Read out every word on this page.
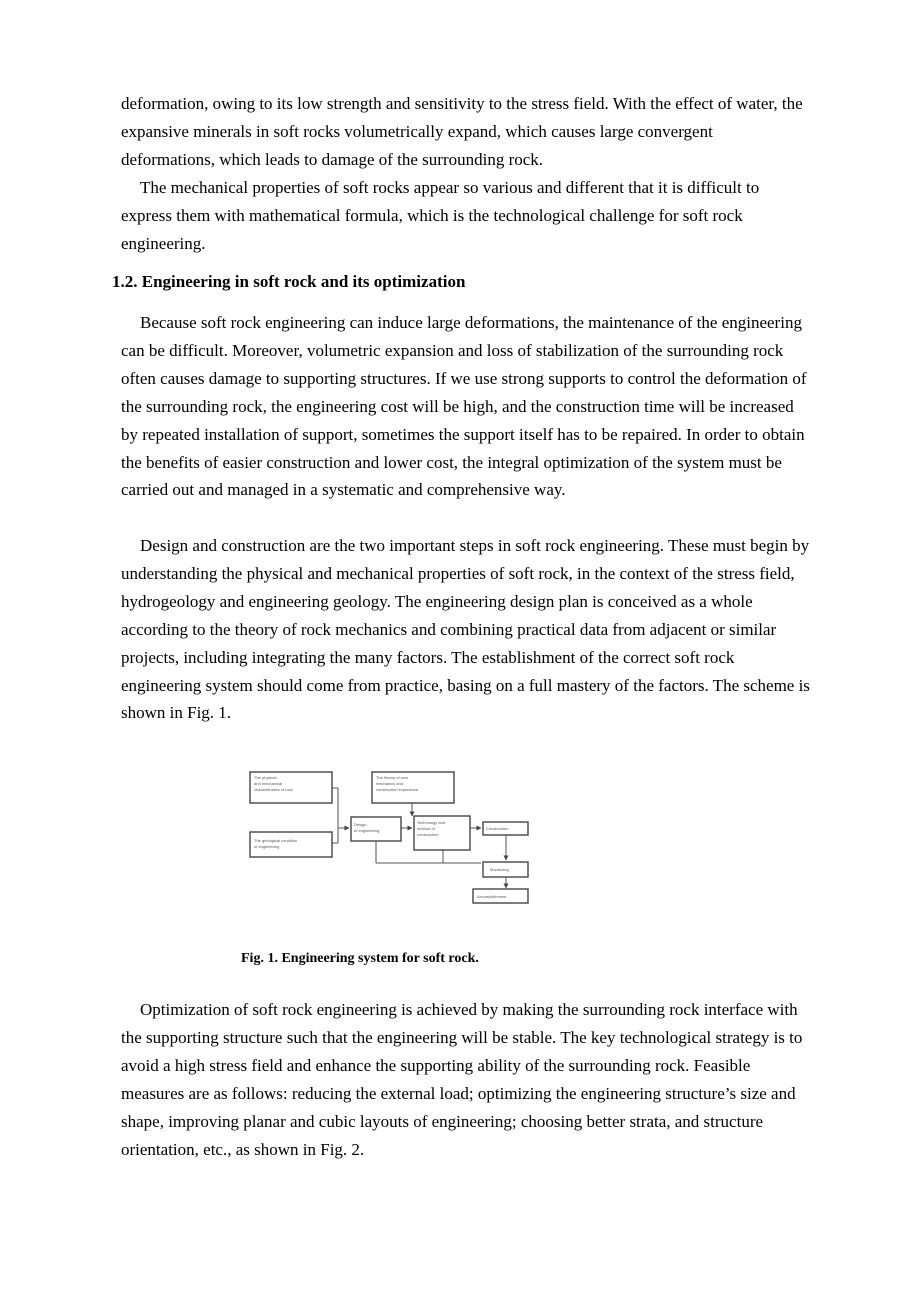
deformation, owing to its low strength and sensitivity to the stress field. With the effect of water, the expansive minerals in soft rocks volumetrically expand, which causes large convergent deformations, which leads to damage of the surrounding rock.

The mechanical properties of soft rocks appear so various and different that it is difficult to express them with mathematical formula, which is the technological challenge for soft rock engineering.

1.2. Engineering in soft rock and its optimization

Because soft rock engineering can induce large deformations, the maintenance of the engineering can be difficult. Moreover, volumetric expansion and loss of stabilization of the surrounding rock often causes damage to supporting structures. If we use strong supports to control the deformation of the surrounding rock, the engineering cost will be high, and the construction time will be increased by repeated installation of support, sometimes the support itself has to be repaired. In order to obtain the benefits of easier construction and lower cost, the integral optimization of the system must be carried out and managed in a systematic and comprehensive way.

Design and construction are the two important steps in soft rock engineering. These must begin by understanding the physical and mechanical properties of soft rock, in the context of the stress field, hydrogeology and engineering geology. The engineering design plan is conceived as a whole according to the theory of rock mechanics and combining practical data from adjacent or similar projects, including integrating the many factors. The establishment of the correct soft rock engineering system should come from practice, basing on a full mastery of the factors. The scheme is shown in Fig. 1.

The physical and mechanical characteristics of rock
The geological condition of engineering
The theory of rock mechanics and construction experience
Design of engineering
Technology and method of construction
Construction
Monitoring
Accomplishment

Fig. 1. Engineering system for soft rock.

Optimization of soft rock engineering is achieved by making the surrounding rock interface with the supporting structure such that the engineering will be stable. The key technological strategy is to avoid a high stress field and enhance the supporting ability of the surrounding rock. Feasible measures are as follows: reducing the external load; optimizing the engineering structure’s size and shape, improving planar and cubic layouts of engineering; choosing better strata, and structure orientation, etc., as shown in Fig. 2.
